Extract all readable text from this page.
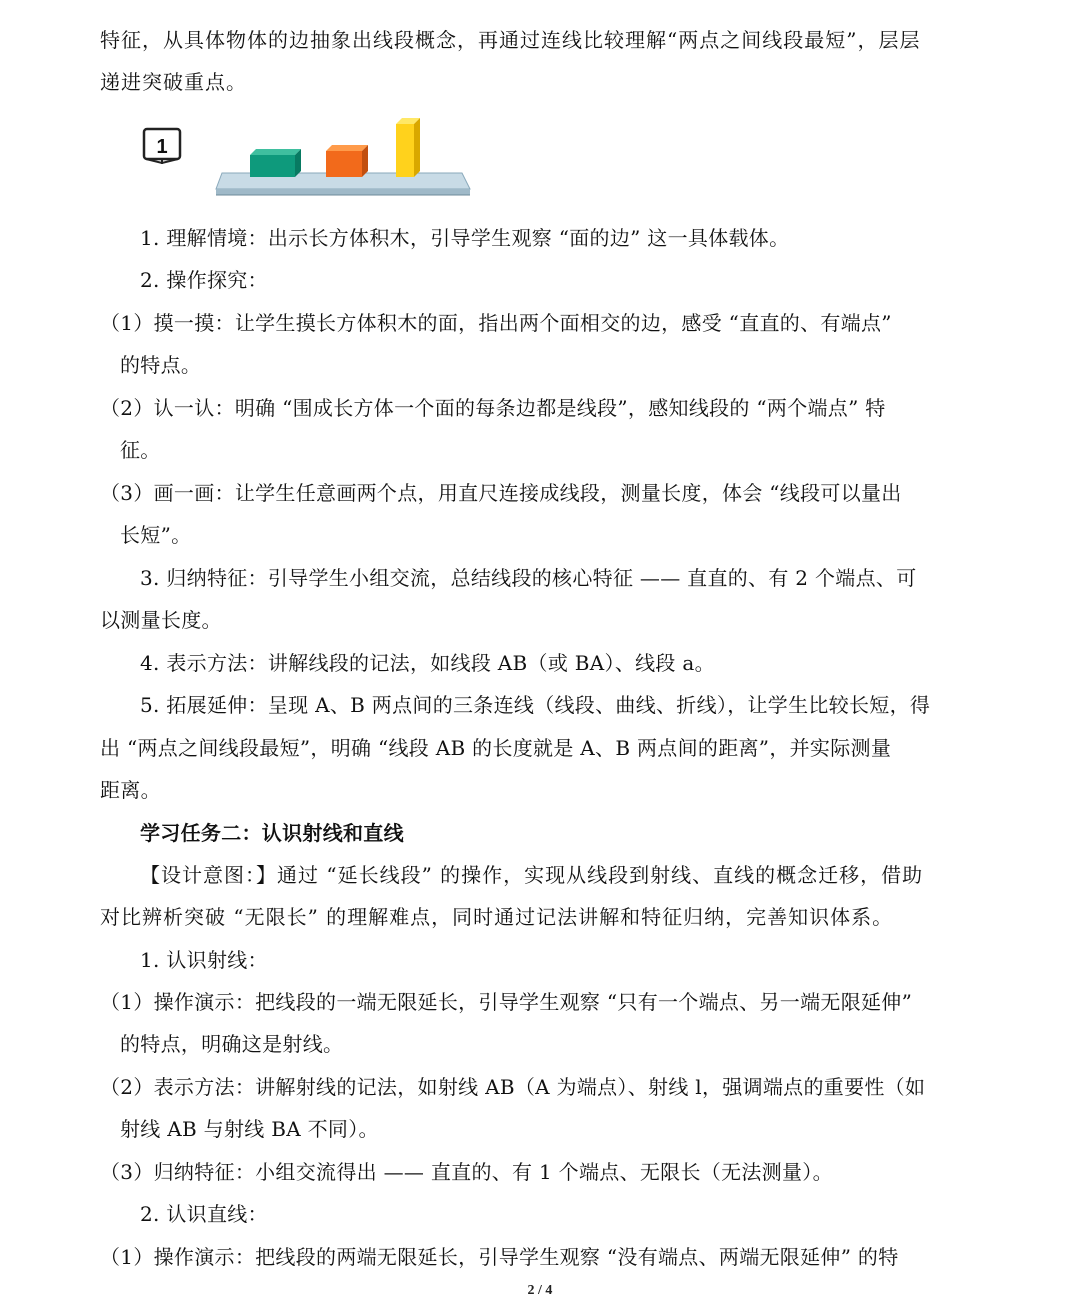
特征，从具体物体的边抽象出线段概念，再通过连线比较理解“两点之间线段最短”，层层
递进突破重点。
1
1. 理解情境：出示长方体积木，引导学生观察 “面的边” 这一具体载体。
2. 操作探究：
（1）摸一摸：让学生摸长方体积木的面，指出两个面相交的边，感受 “直直的、有端点”
的特点。
（2）认一认：明确 “围成长方体一个面的每条边都是线段”，感知线段的 “两个端点” 特
征。
（3）画一画：让学生任意画两个点，用直尺连接成线段，测量长度，体会 “线段可以量出
长短”。
3. 归纳特征：引导学生小组交流，总结线段的核心特征 —— 直直的、有 2 个端点、可
以测量长度。
4. 表示方法：讲解线段的记法，如线段 AB（或 BA）、线段 a。
5. 拓展延伸：呈现 A、B 两点间的三条连线（线段、曲线、折线），让学生比较长短，得
出 “两点之间线段最短”，明确 “线段 AB 的长度就是 A、B 两点间的距离”，并实际测量
距离。
学习任务二：认识射线和直线
【设计意图：】通过 “延长线段” 的操作，实现从线段到射线、直线的概念迁移，借助
对比辨析突破 “无限长” 的理解难点，同时通过记法讲解和特征归纳，完善知识体系。
1. 认识射线：
（1）操作演示：把线段的一端无限延长，引导学生观察 “只有一个端点、另一端无限延伸”
的特点，明确这是射线。
（2）表示方法：讲解射线的记法，如射线 AB（A 为端点）、射线 l，强调端点的重要性（如
射线 AB 与射线 BA 不同）。
（3）归纳特征：小组交流得出 —— 直直的、有 1 个端点、无限长（无法测量）。
2. 认识直线：
（1）操作演示：把线段的两端无限延长，引导学生观察 “没有端点、两端无限延伸” 的特
2 / 4
